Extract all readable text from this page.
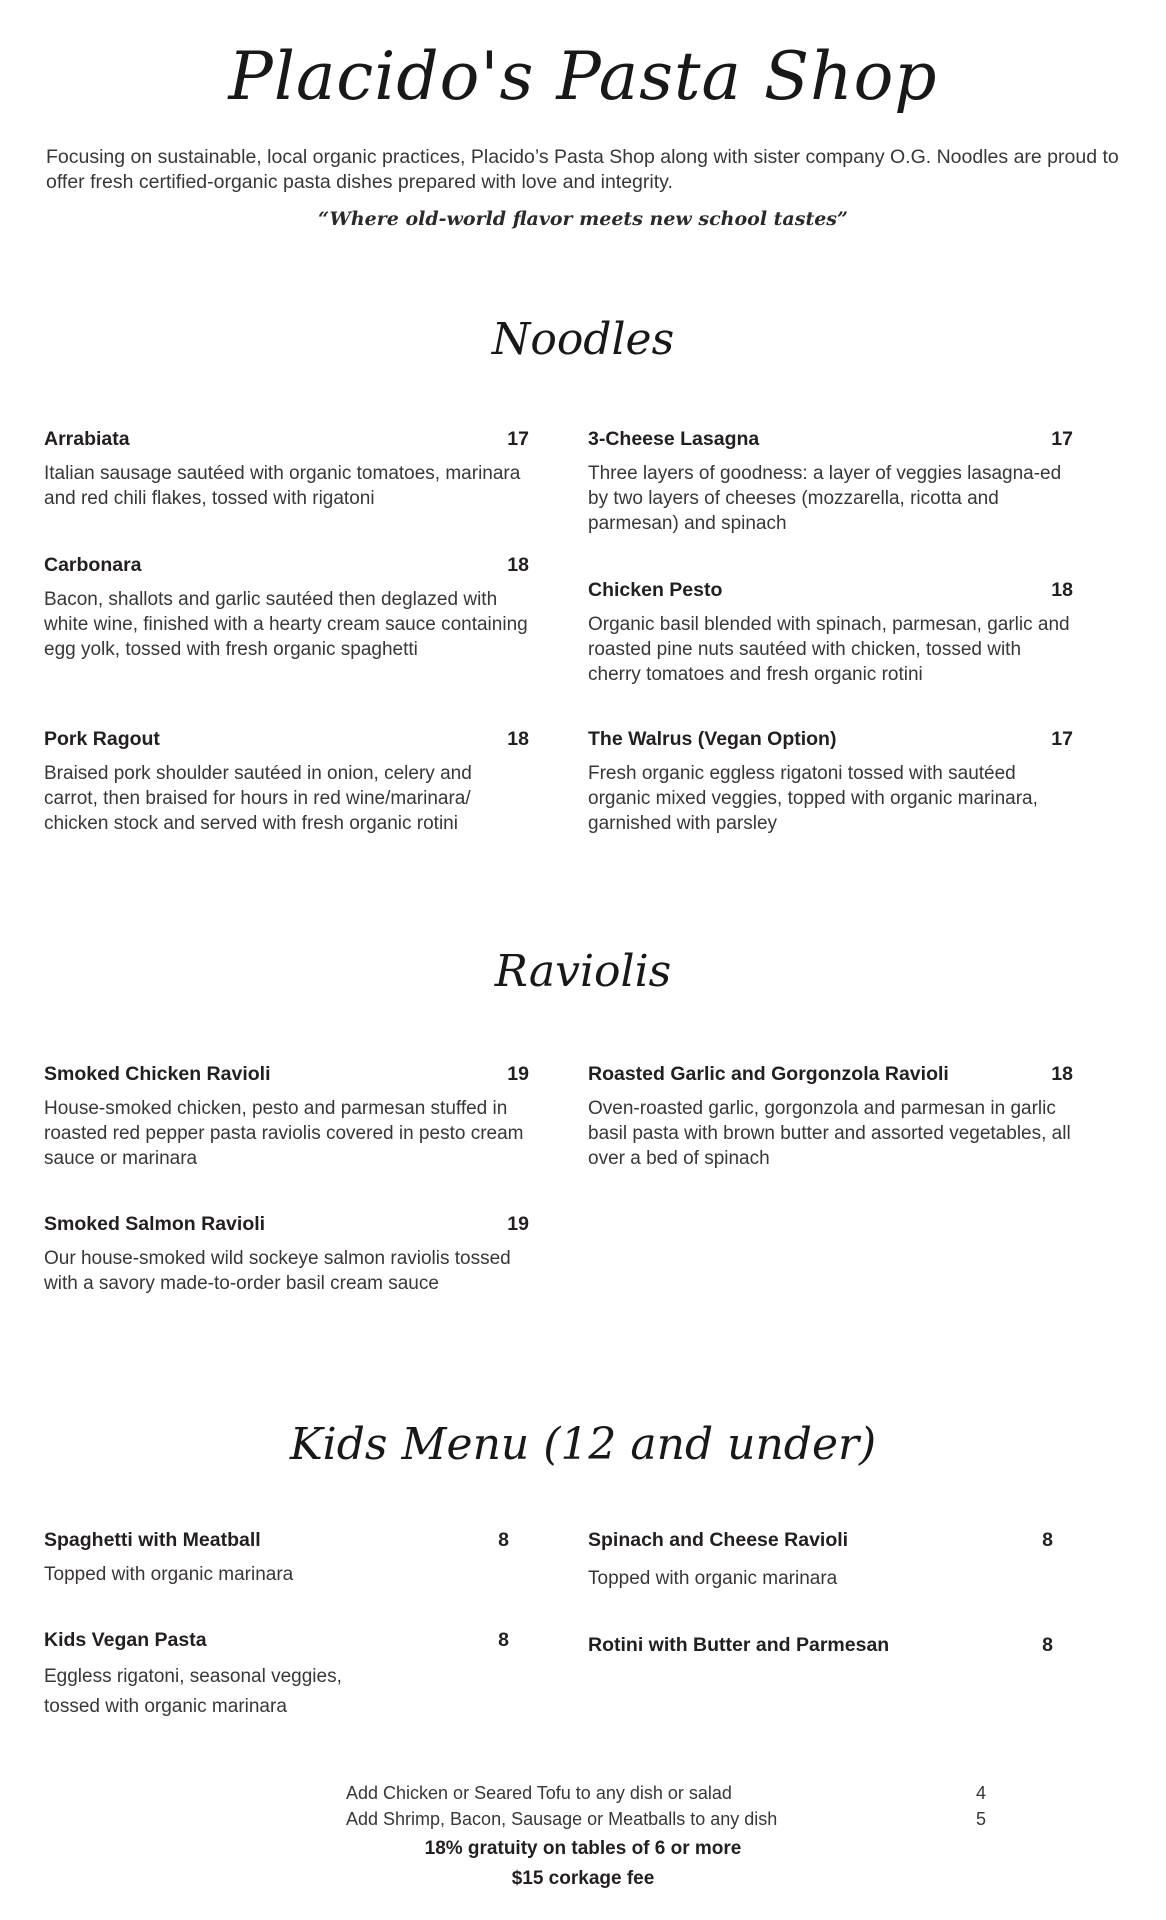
Placido's Pasta Shop
Focusing on sustainable, local organic practices, Placido’s Pasta Shop along with sister company O.G. Noodles are proud to offer fresh certified-organic pasta dishes prepared with love and integrity.
“Where old-world flavor meets new school tastes”
Noodles
Arrabiata	17
Italian sausage sautéed with organic tomatoes, marinara and red chili flakes, tossed with rigatoni
3-Cheese Lasagna	17
Three layers of goodness: a layer of veggies lasagna-ed by two layers of cheeses (mozzarella, ricotta and parmesan) and spinach
Carbonara	18
Bacon, shallots and garlic sautéed then deglazed with white wine, finished with a hearty cream sauce containing egg yolk, tossed with fresh organic spaghetti
Chicken Pesto	18
Organic basil blended with spinach, parmesan, garlic and roasted pine nuts sautéed with chicken, tossed with cherry tomatoes and fresh organic rotini
Pork Ragout	18
Braised pork shoulder sautéed in onion, celery and carrot, then braised for hours in red wine/marinara/ chicken stock and served with fresh organic rotini
The Walrus (Vegan Option)	17
Fresh organic eggless rigatoni tossed with sautéed organic mixed veggies, topped with organic marinara, garnished with parsley
Raviolis
Smoked Chicken Ravioli	19
House-smoked chicken, pesto and parmesan stuffed in roasted red pepper pasta raviolis covered in pesto cream sauce or marinara
Roasted Garlic and Gorgonzola Ravioli	18
Oven-roasted garlic, gorgonzola and parmesan in garlic basil pasta with brown butter and assorted vegetables, all over a bed of spinach
Smoked Salmon Ravioli	19
Our house-smoked wild sockeye salmon raviolis tossed with a savory made-to-order basil cream sauce
Kids Menu (12 and under)
Spaghetti with Meatball	8
Topped with organic marinara
Spinach and Cheese Ravioli	8
Topped with organic marinara
Kids Vegan Pasta	8
Eggless rigatoni, seasonal veggies, tossed with organic marinara
Rotini with Butter and Parmesan	8
Add Chicken or Seared Tofu to any dish or salad	4
Add Shrimp, Bacon, Sausage or Meatballs to any dish	5
18% gratuity on tables of 6 or more
$15 corkage fee
